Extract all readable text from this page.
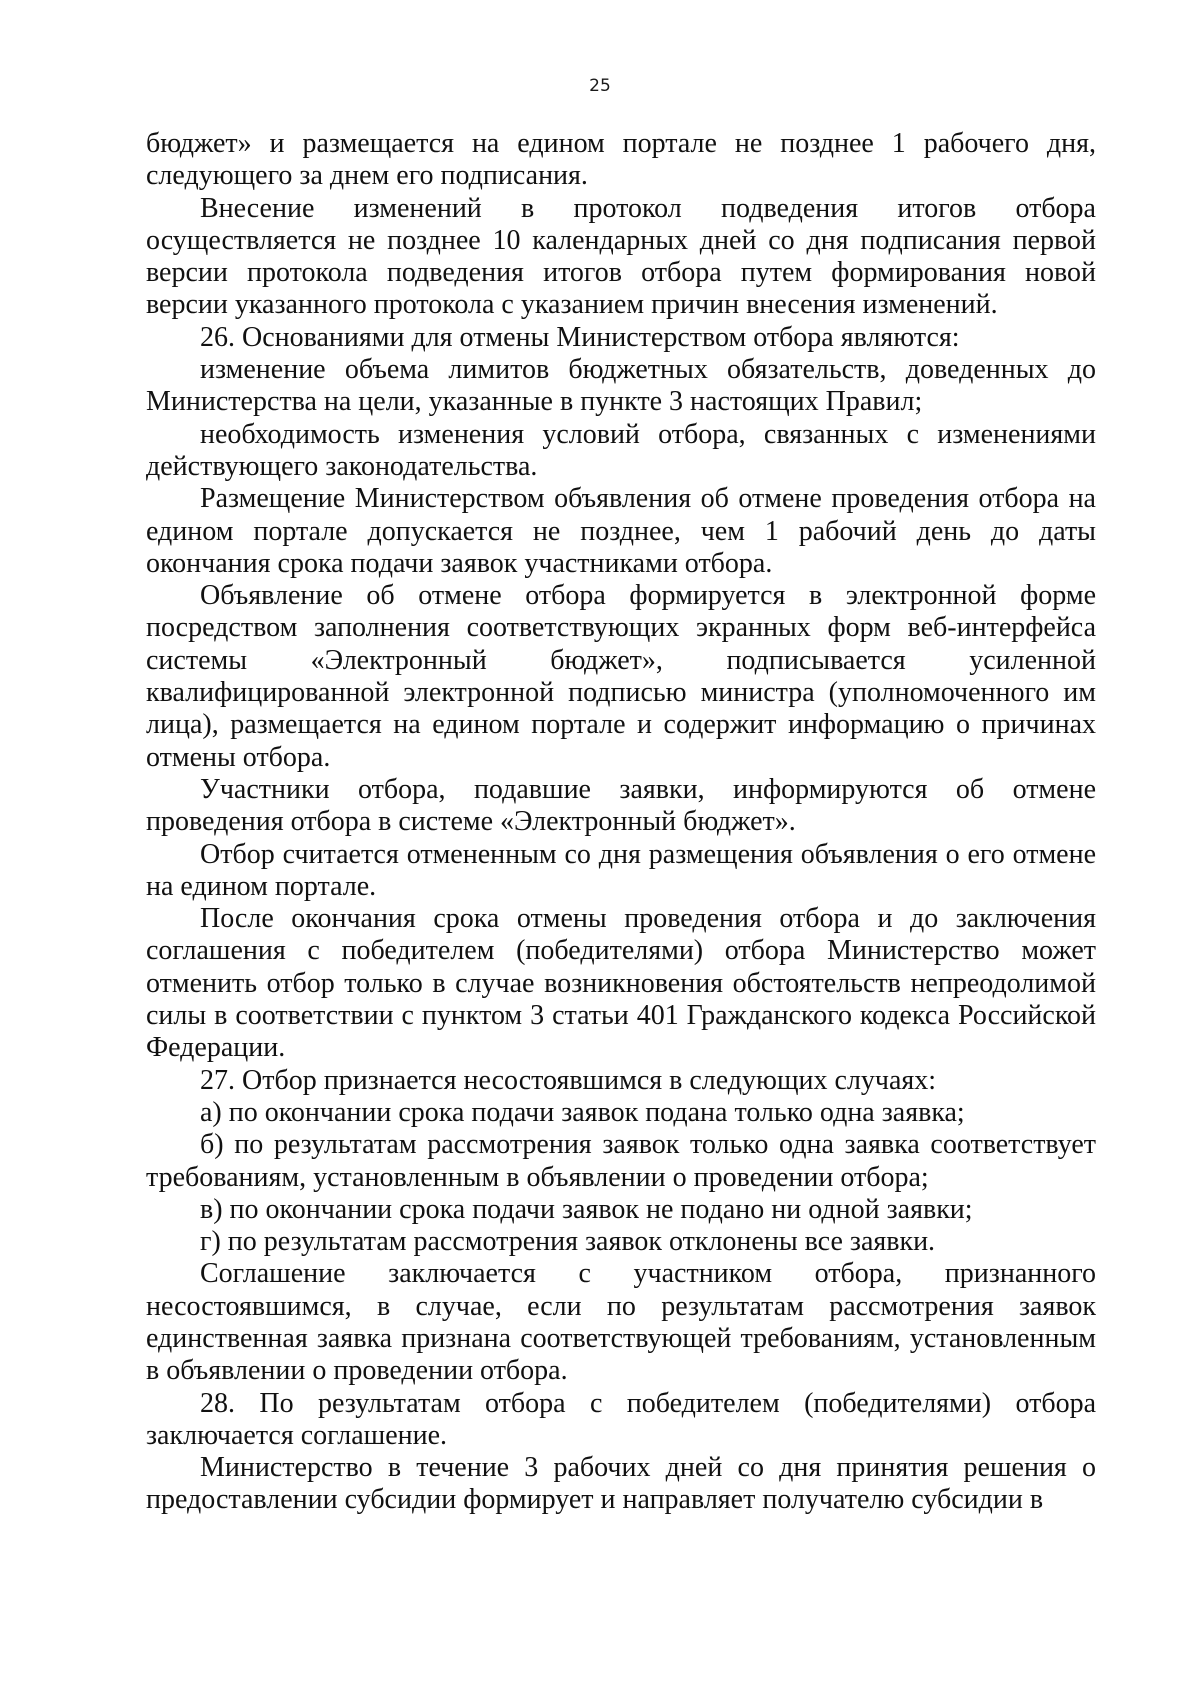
25

бюджет» и размещается на едином портале не позднее 1 рабочего дня, следующего за днем его подписания.

Внесение изменений в протокол подведения итогов отбора осуществляется не позднее 10 календарных дней со дня подписания первой версии протокола подведения итогов отбора путем формирования новой версии указанного протокола с указанием причин внесения изменений.

26. Основаниями для отмены Министерством отбора являются:

изменение объема лимитов бюджетных обязательств, доведенных до Министерства на цели, указанные в пункте 3 настоящих Правил;

необходимость изменения условий отбора, связанных с изменениями действующего законодательства.

Размещение Министерством объявления об отмене проведения отбора на едином портале допускается не позднее, чем 1 рабочий день до даты окончания срока подачи заявок участниками отбора.

Объявление об отмене отбора формируется в электронной форме посредством заполнения соответствующих экранных форм веб-интерфейса системы «Электронный бюджет», подписывается усиленной квалифицированной электронной подписью министра (уполномоченного им лица), размещается на едином портале и содержит информацию о причинах отмены отбора.

Участники отбора, подавшие заявки, информируются об отмене проведения отбора в системе «Электронный бюджет».

Отбор считается отмененным со дня размещения объявления о его отмене на едином портале.

После окончания срока отмены проведения отбора и до заключения соглашения с победителем (победителями) отбора Министерство может отменить отбор только в случае возникновения обстоятельств непреодолимой силы в соответствии с пунктом 3 статьи 401 Гражданского кодекса Российской Федерации.

27. Отбор признается несостоявшимся в следующих случаях:

а) по окончании срока подачи заявок подана только одна заявка;

б) по результатам рассмотрения заявок только одна заявка соответствует требованиям, установленным в объявлении о проведении отбора;

в) по окончании срока подачи заявок не подано ни одной заявки;

г) по результатам рассмотрения заявок отклонены все заявки.

Соглашение заключается с участником отбора, признанного несостоявшимся, в случае, если по результатам рассмотрения заявок единственная заявка признана соответствующей требованиям, установленным в объявлении о проведении отбора.

28. По результатам отбора с победителем (победителями) отбора заключается соглашение.

Министерство в течение 3 рабочих дней со дня принятия решения о предоставлении субсидии формирует и направляет получателю субсидии в
